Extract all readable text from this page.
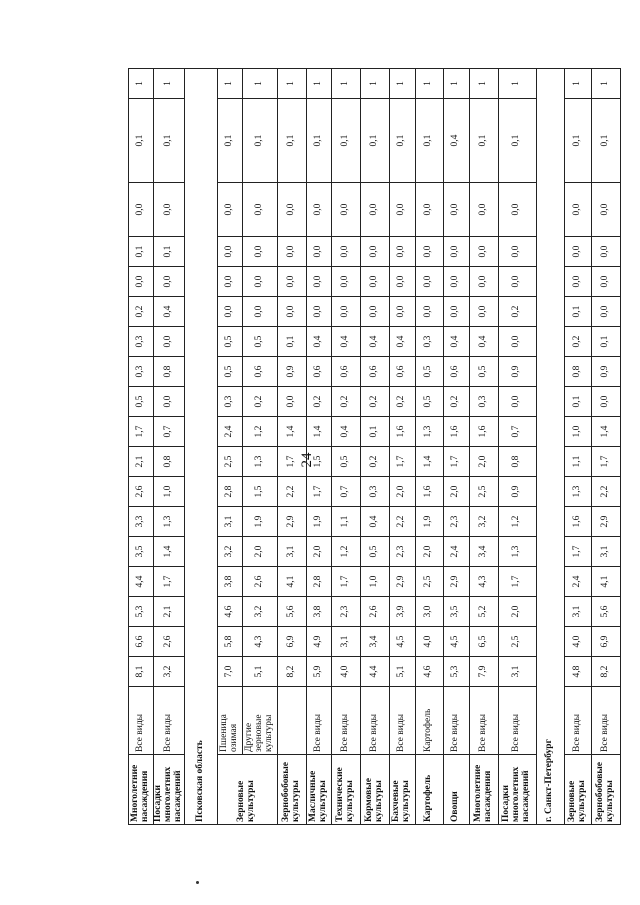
24
Многолетние насаждения	Все виды	8,1	6,6	5,3	4,4	3,5	3,3	2,6	2,1	1,7	0,5	0,3	0,3	0,2	0,0	0,1	0,0	0,1	1
Посадки многолетних насаждений	Все виды	3,2	2,6	2,1	1,7	1,4	1,3	1,0	0,8	0,7	0,0	0,8	0,0	0,4	0,0	0,1	0,0	0,1	1
Псковская область																			
Зерновые культуры	Пшеница озимая	7,0	5,8	4,6	3,8	3,2	3,1	2,8	2,5	2,4	0,3	0,5	0,5	0,0	0,0	0,0	0,0	0,1	1
	Другие зерновые культуры	5,1	4,3	3,2	2,6	2,0	1,9	1,5	1,3	1,2	0,2	0,6	0,5	0,0	0,0	0,0	0,0	0,1	1
Зернобобовые культуры		8,2	6,9	5,6	4,1	3,1	2,9	2,2	1,7	1,4	0,0	0,9	0,1	0,0	0,0	0,0	0,0	0,1	1
Масличные культуры	Все виды	5,9	4,9	3,8	2,8	2,0	1,9	1,7	1,5	1,4	0,2	0,6	0,4	0,0	0,0	0,0	0,0	0,1	1
Технические культуры	Все виды	4,0	3,1	2,3	1,7	1,2	1,1	0,7	0,5	0,4	0,2	0,6	0,4	0,0	0,0	0,0	0,0	0,1	1
Кормовые культуры	Все виды	4,4	3,4	2,6	1,0	0,5	0,4	0,3	0,2	0,1	0,2	0,6	0,4	0,0	0,0	0,0	0,0	0,1	1
Бахчевые культуры	Все виды	5,1	4,5	3,9	2,9	2,3	2,2	2,0	1,7	1,6	0,2	0,6	0,4	0,0	0,0	0,0	0,0	0,1	1
Картофель	Картофель	4,6	4,0	3,0	2,5	2,0	1,9	1,6	1,4	1,3	0,5	0,5	0,3	0,0	0,0	0,0	0,0	0,1	1
Овощи	Все виды	5,3	4,5	3,5	2,9	2,4	2,3	2,0	1,7	1,6	0,2	0,6	0,4	0,0	0,0	0,0	0,0	0,4	1
Многолетние насаждения	Все виды	7,9	6,5	5,2	4,3	3,4	3,2	2,5	2,0	1,6	0,3	0,5	0,4	0,0	0,0	0,0	0,0	0,1	1
Посадки многолетних насаждений	Все виды	3,1	2,5	2,0	1,7	1,3	1,2	0,9	0,8	0,7	0,0	0,9	0,0	0,2	0,0	0,0	0,0	0,1	1
г. Санкт-Петербург																			
Зерновые культуры	Все виды	4,8	4,0	3,1	2,4	1,7	1,6	1,3	1,1	1,0	0,1	0,8	0,2	0,1	0,0	0,0	0,0	0,1	1
Зернобобовые культуры	Все виды	8,2	6,9	5,6	4,1	3,1	2,9	2,2	1,7	1,4	0,0	0,9	0,1	0,0	0,0	0,0	0,0	0,1	1
